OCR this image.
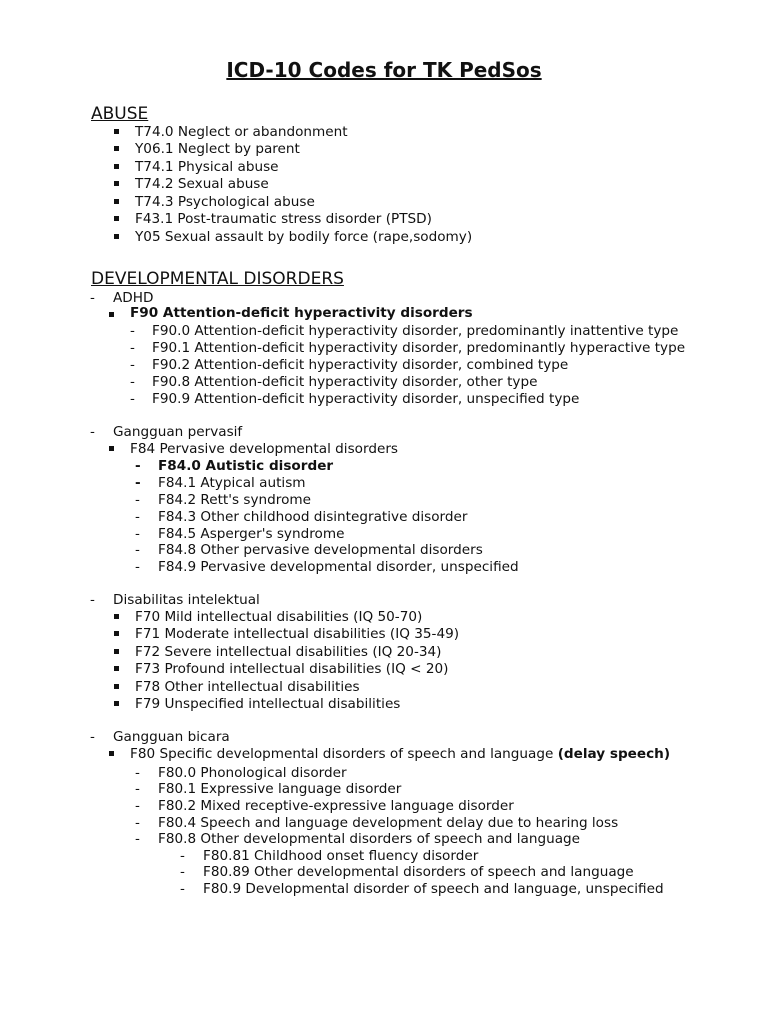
ICD-10 Codes for TK PedSos
ABUSE
T74.0 Neglect or abandonment
Y06.1 Neglect by parent
T74.1 Physical abuse
T74.2 Sexual abuse
T74.3 Psychological abuse
F43.1 Post-traumatic stress disorder (PTSD)
Y05 Sexual assault by bodily force (rape,sodomy)
DEVELOPMENTAL DISORDERS
- ADHD
F90 Attention-deficit hyperactivity disorders
- F90.0 Attention-deficit hyperactivity disorder, predominantly inattentive type
- F90.1 Attention-deficit hyperactivity disorder, predominantly hyperactive type
- F90.2 Attention-deficit hyperactivity disorder, combined type
- F90.8 Attention-deficit hyperactivity disorder, other type
- F90.9 Attention-deficit hyperactivity disorder, unspecified type
- Gangguan pervasif
F84 Pervasive developmental disorders
- F84.0 Autistic disorder
- F84.1 Atypical autism
- F84.2 Rett's syndrome
- F84.3 Other childhood disintegrative disorder
- F84.5 Asperger's syndrome
- F84.8 Other pervasive developmental disorders
- F84.9 Pervasive developmental disorder, unspecified
- Disabilitas intelektual
F70 Mild intellectual disabilities (IQ 50-70)
F71 Moderate intellectual disabilities (IQ 35-49)
F72 Severe intellectual disabilities (IQ 20-34)
F73 Profound intellectual disabilities (IQ < 20)
F78 Other intellectual disabilities
F79 Unspecified intellectual disabilities
- Gangguan bicara
F80 Specific developmental disorders of speech and language (delay speech)
- F80.0 Phonological disorder
- F80.1 Expressive language disorder
- F80.2 Mixed receptive-expressive language disorder
- F80.4 Speech and language development delay due to hearing loss
- F80.8 Other developmental disorders of speech and language
- F80.81 Childhood onset fluency disorder
- F80.89 Other developmental disorders of speech and language
- F80.9 Developmental disorder of speech and language, unspecified
